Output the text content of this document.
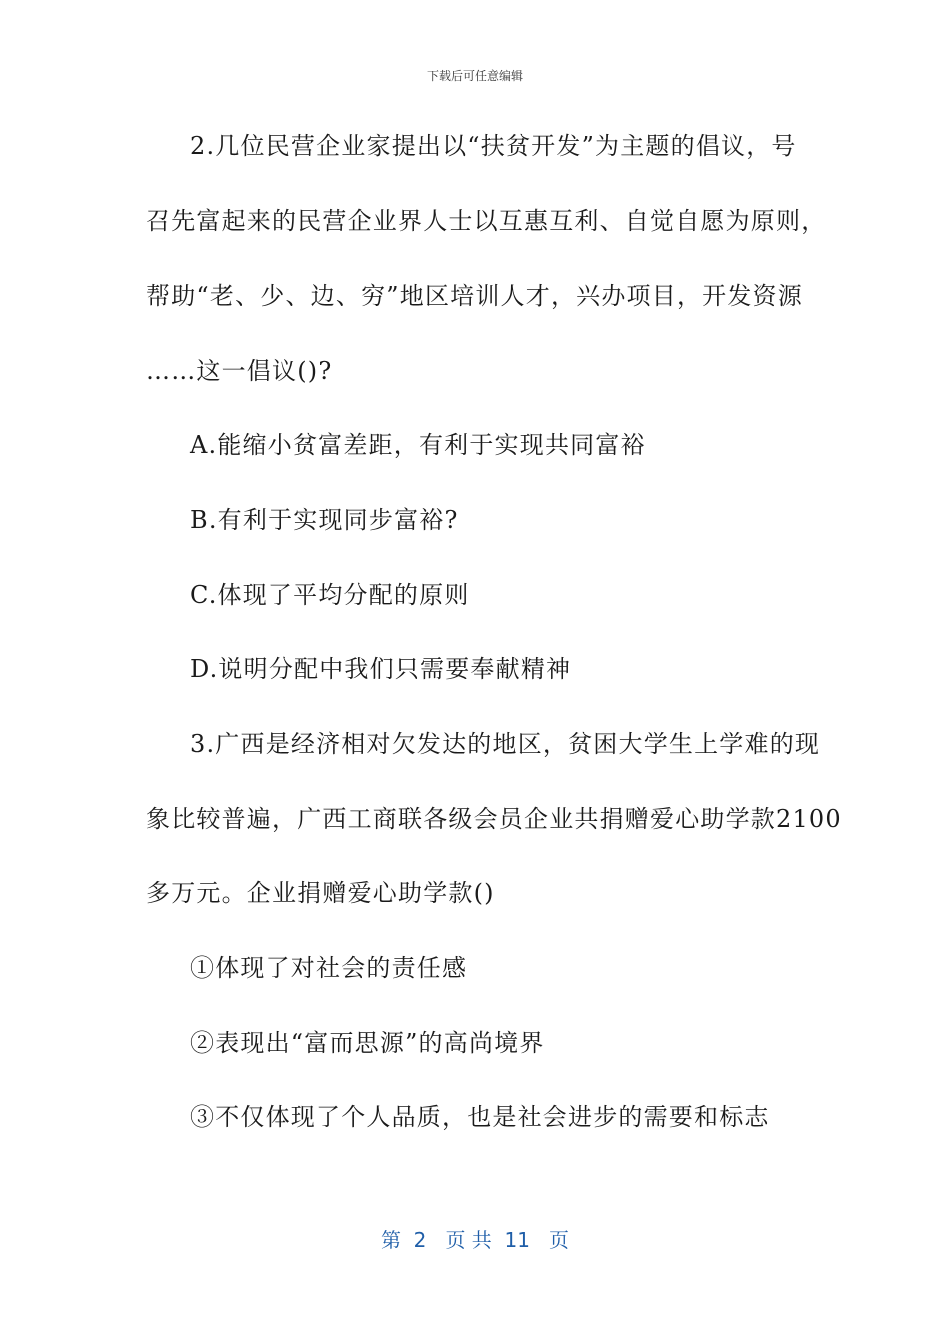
下载后可任意编辑
2.几位民营企业家提出以“扶贫开发”为主题的倡议，号
召先富起来的民营企业界人士以互惠互利、自觉自愿为原则，
帮助“老、少、边、穷”地区培训人才，兴办项目，开发资源
……这一倡议()?
A.能缩小贫富差距，有利于实现共同富裕
B.有利于实现同步富裕?
C.体现了平均分配的原则
D.说明分配中我们只需要奉献精神
3.广西是经济相对欠发达的地区，贫困大学生上学难的现
象比较普遍，广西工商联各级会员企业共捐赠爱心助学款2100
多万元。企业捐赠爱心助学款()
①体现了对社会的责任感
②表现出“富而思源”的高尚境界
③不仅体现了个人品质，也是社会进步的需要和标志
第  2   页 共  11   页
